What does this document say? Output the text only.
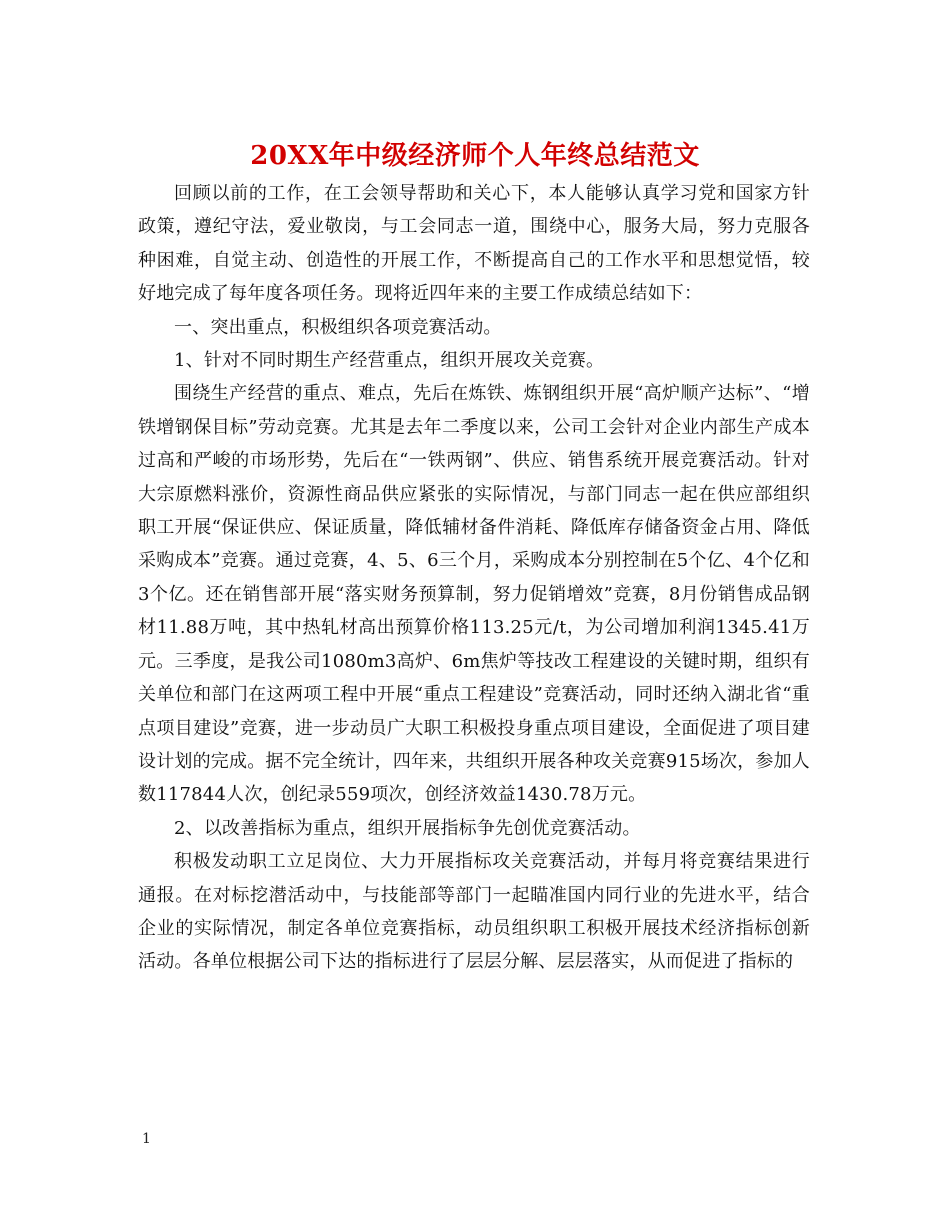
20XX年中级经济师个人年终总结范文

回顾以前的工作，在工会领导帮助和关心下，本人能够认真学习党和国家方针政策，遵纪守法，爱业敬岗，与工会同志一道，围绕中心，服务大局，努力克服各种困难，自觉主动、创造性的开展工作，不断提高自己的工作水平和思想觉悟，较好地完成了每年度各项任务。现将近四年来的主要工作成绩总结如下：

一、突出重点，积极组织各项竞赛活动。

1、针对不同时期生产经营重点，组织开展攻关竞赛。

围绕生产经营的重点、难点，先后在炼铁、炼钢组织开展“高炉顺产达标”、“增铁增钢保目标”劳动竞赛。尤其是去年二季度以来，公司工会针对企业内部生产成本过高和严峻的市场形势，先后在“一铁两钢”、供应、销售系统开展竞赛活动。针对大宗原燃料涨价，资源性商品供应紧张的实际情况，与部门同志一起在供应部组织职工开展“保证供应、保证质量，降低辅材备件消耗、降低库存储备资金占用、降低采购成本”竞赛。通过竞赛，4、5、6三个月，采购成本分别控制在5个亿、4个亿和3个亿。还在销售部开展“落实财务预算制，努力促销增效”竞赛，8月份销售成品钢材11.88万吨，其中热轧材高出预算价格113.25元/t，为公司增加利润1345.41万元。三季度，是我公司1080m3高炉、6m焦炉等技改工程建设的关键时期，组织有关单位和部门在这两项工程中开展“重点工程建设”竞赛活动，同时还纳入湖北省“重点项目建设”竞赛，进一步动员广大职工积极投身重点项目建设，全面促进了项目建设计划的完成。据不完全统计，四年来，共组织开展各种攻关竞赛915场次，参加人数117844人次，创纪录559项次，创经济效益1430.78万元。

2、以改善指标为重点，组织开展指标争先创优竞赛活动。

积极发动职工立足岗位、大力开展指标攻关竞赛活动，并每月将竞赛结果进行通报。在对标挖潜活动中，与技能部等部门一起瞄准国内同行业的先进水平，结合企业的实际情况，制定各单位竞赛指标，动员组织职工积极开展技术经济指标创新活动。各单位根据公司下达的指标进行了层层分解、层层落实，从而促进了指标的

1
